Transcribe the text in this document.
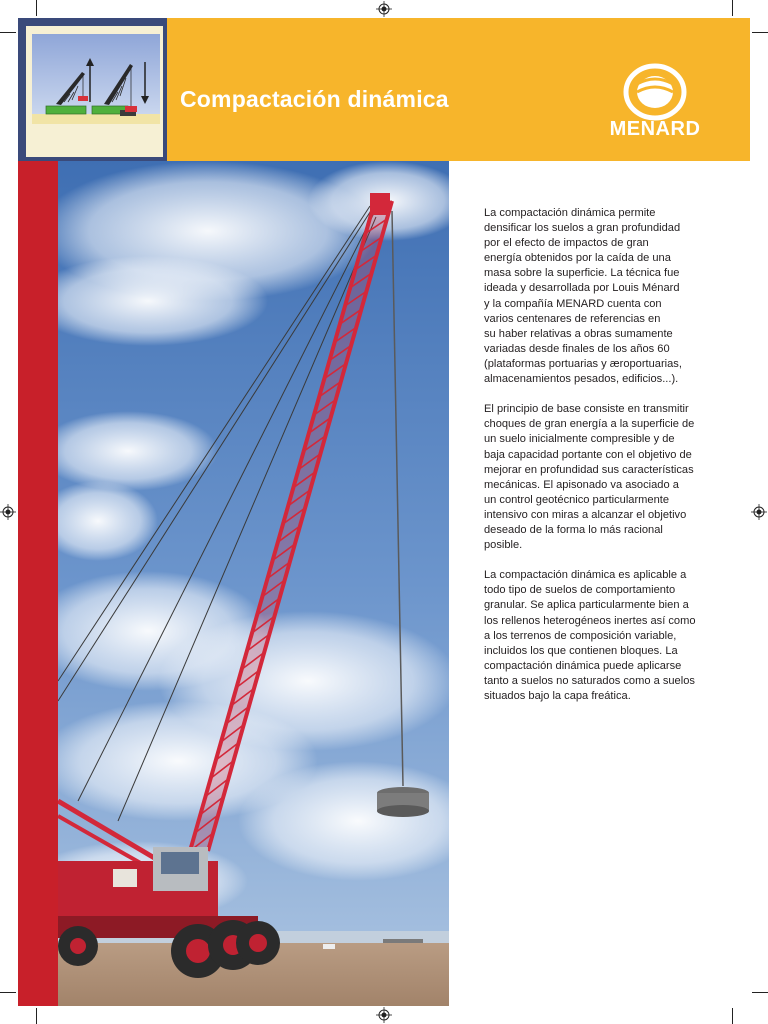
Compactación dinámica
MENARD

La compactación dinámica permite
densificar los suelos a gran profundidad
por el efecto de impactos de gran
energía obtenidos por la caída de una
masa sobre la superficie. La técnica fue
ideada y desarrollada por Louis Ménard
y la compañía MENARD cuenta con
varios centenares de referencias en
su haber relativas a obras sumamente
variadas desde finales de los años 60
(plataformas portuarias y æroportuarias,
almacenamientos pesados, edificios...).

El principio de base consiste en transmitir
choques de gran energía a la superficie de
un suelo inicialmente compresible y de
baja capacidad portante con el objetivo de
mejorar en profundidad sus características
mecánicas. El apisonado va asociado a
un control geotécnico particularmente
intensivo con miras a alcanzar el objetivo
deseado de la forma lo más racional
posible.

La compactación dinámica es aplicable a
todo tipo de suelos de comportamiento
granular. Se aplica particularmente bien a
los rellenos heterogéneos inertes así como
a los terrenos de composición variable,
incluidos los que contienen bloques. La
compactación dinámica puede aplicarse
tanto a suelos no saturados como a suelos
situados bajo la capa freática.
